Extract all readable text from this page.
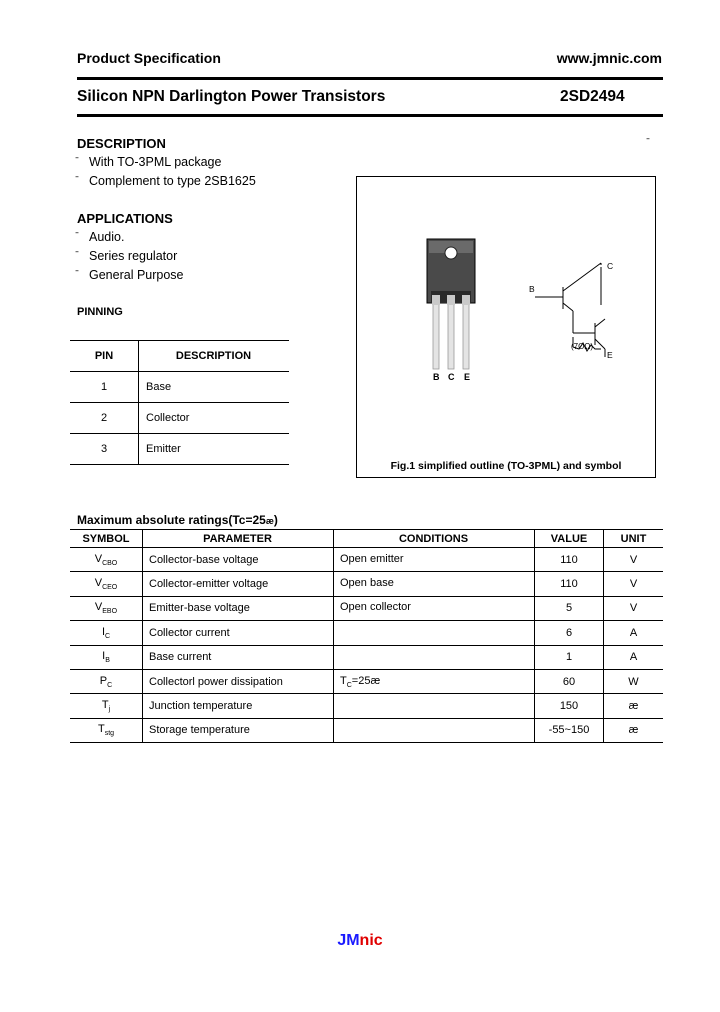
Product Specification	www.jmnic.com
Silicon NPN Darlington Power Transistors	2SD2494
DESCRIPTION
With TO-3PML package
Complement to type 2SB1625
APPLICATIONS
Audio.
Series regulator
General Purpose
PINNING
PIN	DESCRIPTION
1	Base
2	Collector
3	Emitter
B C E
B
C
E
(7OΩ)
Fig.1 simplified outline (TO-3PML) and symbol
Maximum absolute ratings(Tc=25æ)
SYMBOL	PARAMETER	CONDITIONS	VALUE	UNIT
$V_{CBO}$	Collector-base voltage	Open emitter	110	V
$V_{CEO}$	Collector-emitter voltage	Open base	110	V
$V_{EBO}$	Emitter-base voltage	Open collector	5	V
$I_C$	Collector current		6	A
$I_B$	Base current		1	A
$P_C$	Collectorl power dissipation	$T_C=25æ$	60	W
$T_j$	Junction temperature		150	æ
$T_{stg}$	Storage temperature		-55~150	æ
JMnic
